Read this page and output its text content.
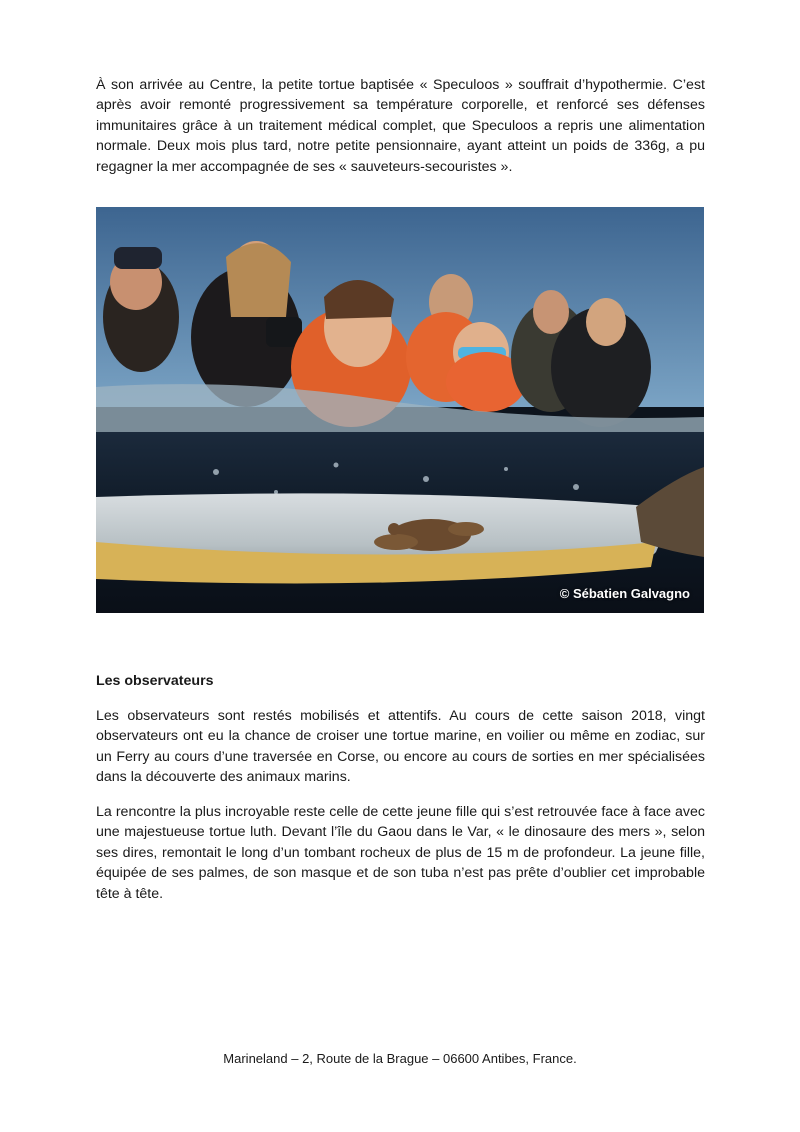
À son arrivée au Centre, la petite tortue baptisée « Speculoos » souffrait d’hypothermie. C’est après avoir remonté progressivement sa température corporelle, et renforcé ses défenses immunitaires grâce à un traitement médical complet, que Speculoos a repris une alimentation normale. Deux mois plus tard, notre petite pensionnaire, ayant atteint un poids de 336g, a pu regagner la mer accompagnée de ses « sauveteurs-secouristes ».

© Sébatien Galvagno
Les observateurs

Les observateurs sont restés mobilisés et attentifs. Au cours de cette saison 2018, vingt observateurs ont eu la chance de croiser une tortue marine, en voilier ou même en zodiac, sur un Ferry au cours d’une traversée en Corse, ou encore au cours de sorties en mer spécialisées dans la découverte des animaux marins.

La rencontre la plus incroyable reste celle de cette jeune fille qui s’est retrouvée face à face avec une majestueuse tortue luth. Devant l’île du Gaou dans le Var, « le dinosaure des mers », selon ses dires, remontait le long d’un tombant rocheux de plus de 15 m de profondeur. La jeune fille, équipée de ses palmes, de son masque et de son tuba n’est pas prête d’oublier cet improbable tête à tête.

Marineland – 2, Route de la Brague – 06600 Antibes, France.
